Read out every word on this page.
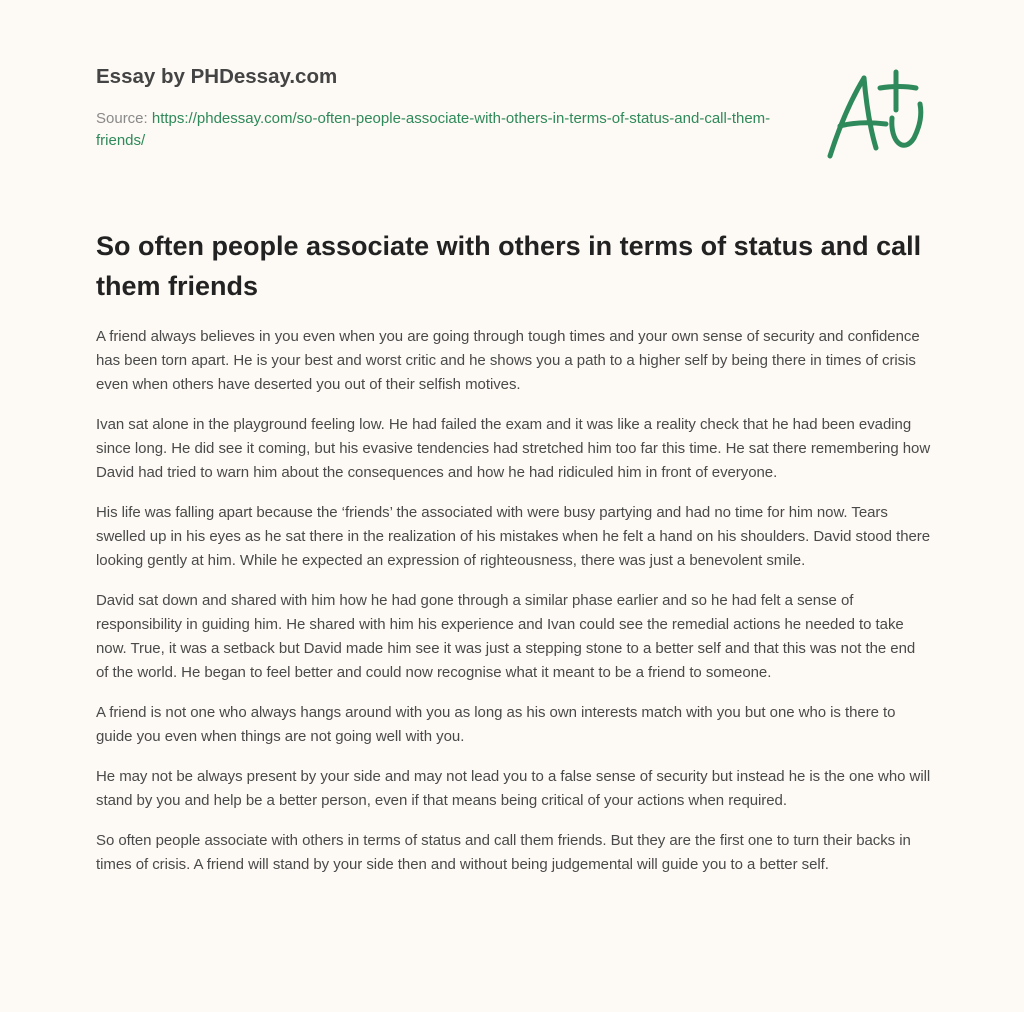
Essay by PHDessay.com
Source: https://phdessay.com/so-often-people-associate-with-others-in-terms-of-status-and-call-them-friends/
So often people associate with others in terms of status and call them friends

A friend always believes in you even when you are going through tough times and your own sense of security and confidence has been torn apart. He is your best and worst critic and he shows you a path to a higher self by being there in times of crisis even when others have deserted you out of their selfish motives.

Ivan sat alone in the playground feeling low. He had failed the exam and it was like a reality check that he had been evading since long. He did see it coming, but his evasive tendencies had stretched him too far this time. He sat there remembering how David had tried to warn him about the consequences and how he had ridiculed him in front of everyone.

His life was falling apart because the ‘friends’ the associated with were busy partying and had no time for him now. Tears swelled up in his eyes as he sat there in the realization of his mistakes when he felt a hand on his shoulders. David stood there looking gently at him. While he expected an expression of righteousness, there was just a benevolent smile.

David sat down and shared with him how he had gone through a similar phase earlier and so he had felt a sense of responsibility in guiding him. He shared with him his experience and Ivan could see the remedial actions he needed to take now. True, it was a setback but David made him see it was just a stepping stone to a better self and that this was not the end of the world. He began to feel better and could now recognise what it meant to be a friend to someone.

A friend is not one who always hangs around with you as long as his own interests match with you but one who is there to guide you even when things are not going well with you.

He may not be always present by your side and may not lead you to a false sense of security but instead he is the one who will stand by you and help be a better person, even if that means being critical of your actions when required.

So often people associate with others in terms of status and call them friends. But they are the first one to turn their backs in times of crisis. A friend will stand by your side then and without being judgemental will guide you to a better self.
